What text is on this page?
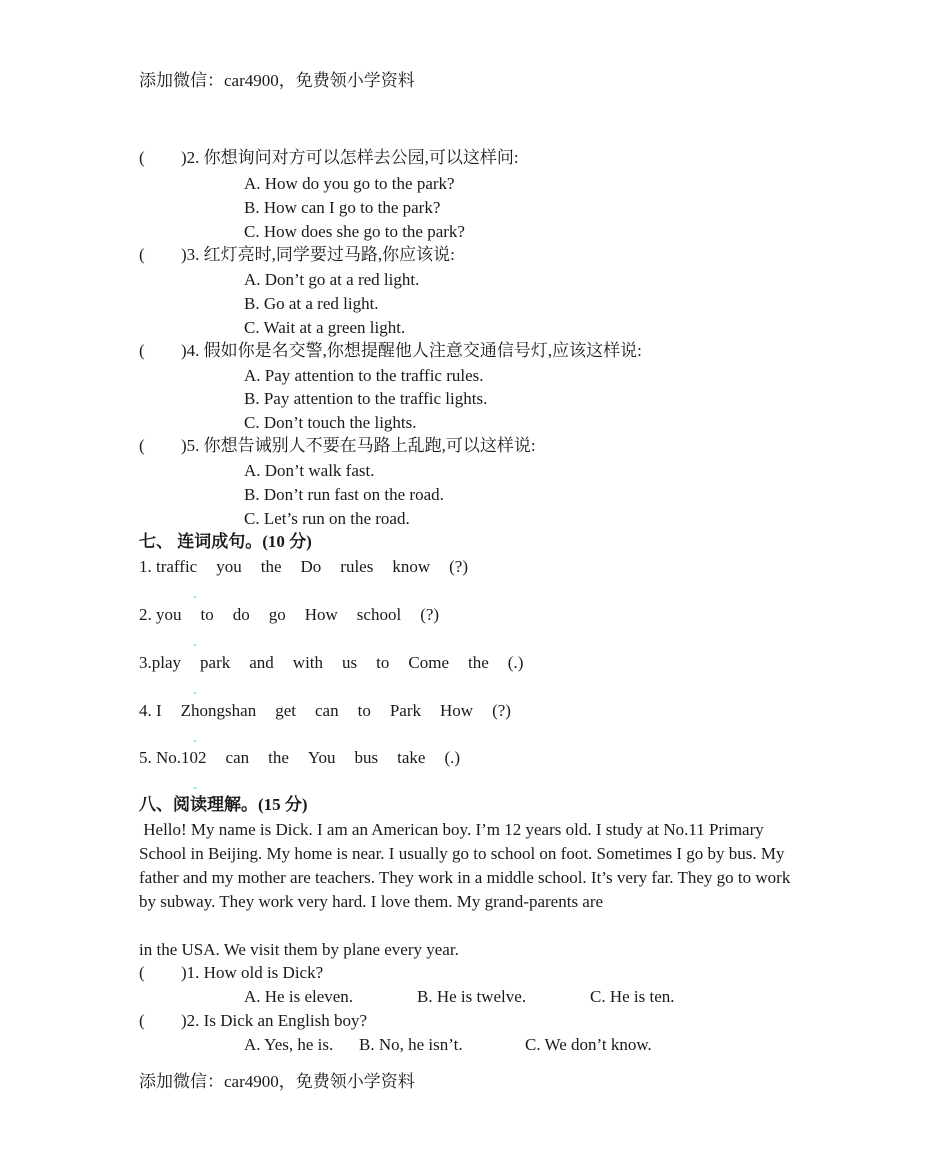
添加微信：car4900，免费领小学资料
( )2. 你想询问对方可以怎样去公园,可以这样问:
A. How do you go to the park?
B. How can I go to the park?
C. How does she go to the park?
( )3. 红灯亮时,同学要过马路,你应该说:
A. Don’t go at a red light.
B. Go at a red light.
C. Wait at a green light.
( )4. 假如你是名交警,你想提醒他人注意交通信号灯,应该这样说:
A. Pay attention to the traffic rules.
B. Pay attention to the traffic lights.
C. Don’t touch the lights.
( )5. 你想告诫别人不要在马路上乱跑,可以这样说:
A. Don’t walk fast.
B. Don’t run fast on the road.
C. Let’s run on the road.
七、 连词成句。(10 分)
1. traffic you the Do rules know (?)
-
2. you to do go How school (?)
-
3.play park and with us to Come the (.)
-
4. I Zhongshan get can to Park How (?)
-
5. No.102 can the You bus take (.)
-
八、阅读理解。(15 分)

Hello! My name is Dick. I am an American boy. I’m 12 years old. I study at No.11 Primary School in Beijing. My home is near. I usually go to school on foot. Sometimes I go by bus. My father and my mother are teachers. They work in a middle school. It’s very far. They go to work by subway. They work very hard. I love them. My grand-parents are

in the USA. We visit them by plane every year.

( )1. How old is Dick?
A. He is eleven.	B. He is twelve.	C. He is ten.
( )2. Is Dick an English boy?
A. Yes, he is. B. No, he isn’t.	C. We don’t know.
添加微信：car4900，免费领小学资料
